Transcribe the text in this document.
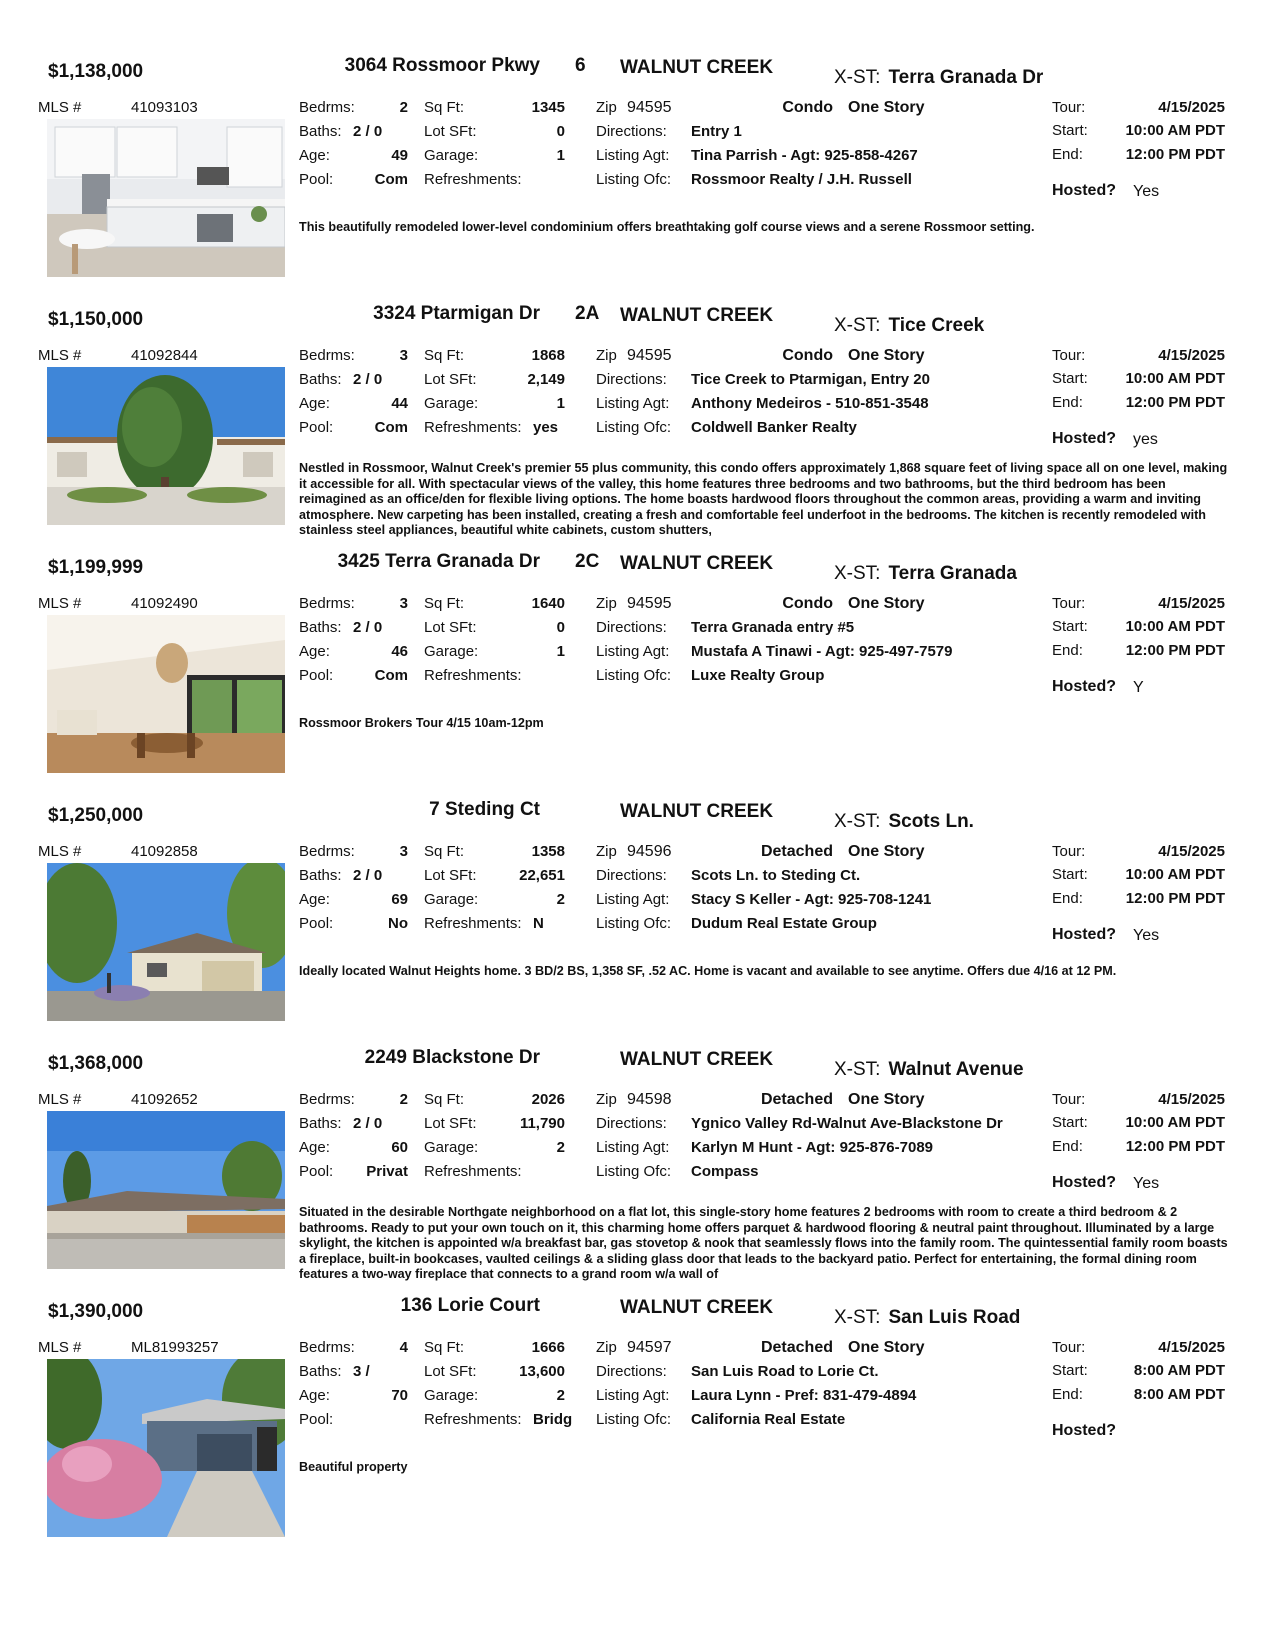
$1,138,000	3064 Rossmoor Pkwy 6 WALNUT CREEK	X-ST: Terra Granada Dr
MLS #	41093103	Bedrms:	2
Baths: 2 / 0
Age:	49
Pool:	Com
Sq Ft:	1345
Lot SFt:	0
Garage:	1
Refreshments:
Zip 94595	Condo One Story
Directions: Entry 1
Listing Agt: Tina Parrish - Agt: 925-858-4267
Listing Ofc: Rossmoor Realty / J.H. Russell
Tour:	4/15/2025
Start:	10:00 AM PDT
End:	12:00 PM PDT
Hosted? Yes
This beautifully remodeled lower-level condominium offers breathtaking golf course views and a serene Rossmoor setting.
$1,150,000	3324 Ptarmigan Dr 2A WALNUT CREEK	X-ST: Tice Creek
MLS #	41092844	Bedrms:	3
Baths: 2 / 0
Age:	44
Pool:	Com
Sq Ft:	1868
Lot SFt:	2,149
Garage:	1
Refreshments: yes
Zip 94595	Condo One Story
Directions: Tice Creek to Ptarmigan, Entry 20
Listing Agt: Anthony Medeiros - 510-851-3548
Listing Ofc: Coldwell Banker Realty
Tour:	4/15/2025
Start:	10:00 AM PDT
End:	12:00 PM PDT
Hosted? yes
Nestled in Rossmoor, Walnut Creek's premier 55 plus community, this condo offers approximately 1,868 square feet of living space all on one level, making it accessible for all. With spectacular views of the valley, this home features three bedrooms and two bathrooms, but the third bedroom has been reimagined as an office/den for flexible living options. The home boasts hardwood floors throughout the common areas, providing a warm and inviting atmosphere. New carpeting has been installed, creating a fresh and comfortable feel underfoot in the bedrooms. The kitchen is recently remodeled with stainless steel appliances, beautiful white cabinets, custom shutters,
$1,199,999	3425 Terra Granada Dr 2C WALNUT CREEK	X-ST: Terra Granada
MLS #	41092490	Bedrms:	3
Baths: 2 / 0
Age:	46
Pool:	Com
Sq Ft:	1640
Lot SFt:	0
Garage:	1
Refreshments:
Zip 94595	Condo One Story
Directions: Terra Granada entry #5
Listing Agt: Mustafa A Tinawi - Agt: 925-497-7579
Listing Ofc: Luxe Realty Group
Tour:	4/15/2025
Start:	10:00 AM PDT
End:	12:00 PM PDT
Hosted? Y
Rossmoor Brokers Tour 4/15 10am-12pm
$1,250,000	7 Steding Ct	WALNUT CREEK	X-ST: Scots Ln.
MLS #	41092858	Bedrms:	3
Baths: 2 / 0
Age:	69
Pool:	No
Sq Ft:	1358
Lot SFt:	22,651
Garage:	2
Refreshments: N
Zip 94596	Detached One Story
Directions: Scots Ln. to Steding Ct.
Listing Agt: Stacy S Keller - Agt: 925-708-1241
Listing Ofc: Dudum Real Estate Group
Tour:	4/15/2025
Start:	10:00 AM PDT
End:	12:00 PM PDT
Hosted? Yes
Ideally located Walnut Heights home. 3 BD/2 BS, 1,358 SF, .52 AC. Home is vacant and available to see anytime. Offers due 4/16 at 12 PM.
$1,368,000	2249 Blackstone Dr	WALNUT CREEK	X-ST: Walnut Avenue
MLS #	41092652	Bedrms:	2
Baths: 2 / 0
Age:	60
Pool:	Privat
Sq Ft:	2026
Lot SFt:	11,790
Garage:	2
Refreshments:
Zip 94598	Detached One Story
Directions: Ygnico Valley Rd-Walnut Ave-Blackstone Dr
Listing Agt: Karlyn M Hunt - Agt: 925-876-7089
Listing Ofc: Compass
Tour:	4/15/2025
Start:	10:00 AM PDT
End:	12:00 PM PDT
Hosted? Yes
Situated in the desirable Northgate neighborhood on a flat lot, this single-story home features 2 bedrooms with room to create a third bedroom & 2 bathrooms. Ready to put your own touch on it, this charming home offers parquet & hardwood flooring & neutral paint throughout. Illuminated by a large skylight, the kitchen is appointed w/a breakfast bar, gas stovetop & nook that seamlessly flows into the family room. The quintessential family room boasts a fireplace, built-in bookcases, vaulted ceilings & a sliding glass door that leads to the backyard patio. Perfect for entertaining, the formal dining room features a two-way fireplace that connects to a grand room w/a wall of
$1,390,000	136 Lorie Court	WALNUT CREEK	X-ST: San Luis Road
MLS #	ML81993257	Bedrms:	4
Baths: 3 /
Age:	70
Pool:
Sq Ft:	1666
Lot SFt:	13,600
Garage:	2
Refreshments: Bridg
Zip 94597	Detached One Story
Directions: San Luis Road to Lorie Ct.
Listing Agt: Laura Lynn - Pref: 831-479-4894
Listing Ofc: California Real Estate
Tour:	4/15/2025
Start:	8:00 AM PDT
End:	8:00 AM PDT
Hosted?
Beautiful property
